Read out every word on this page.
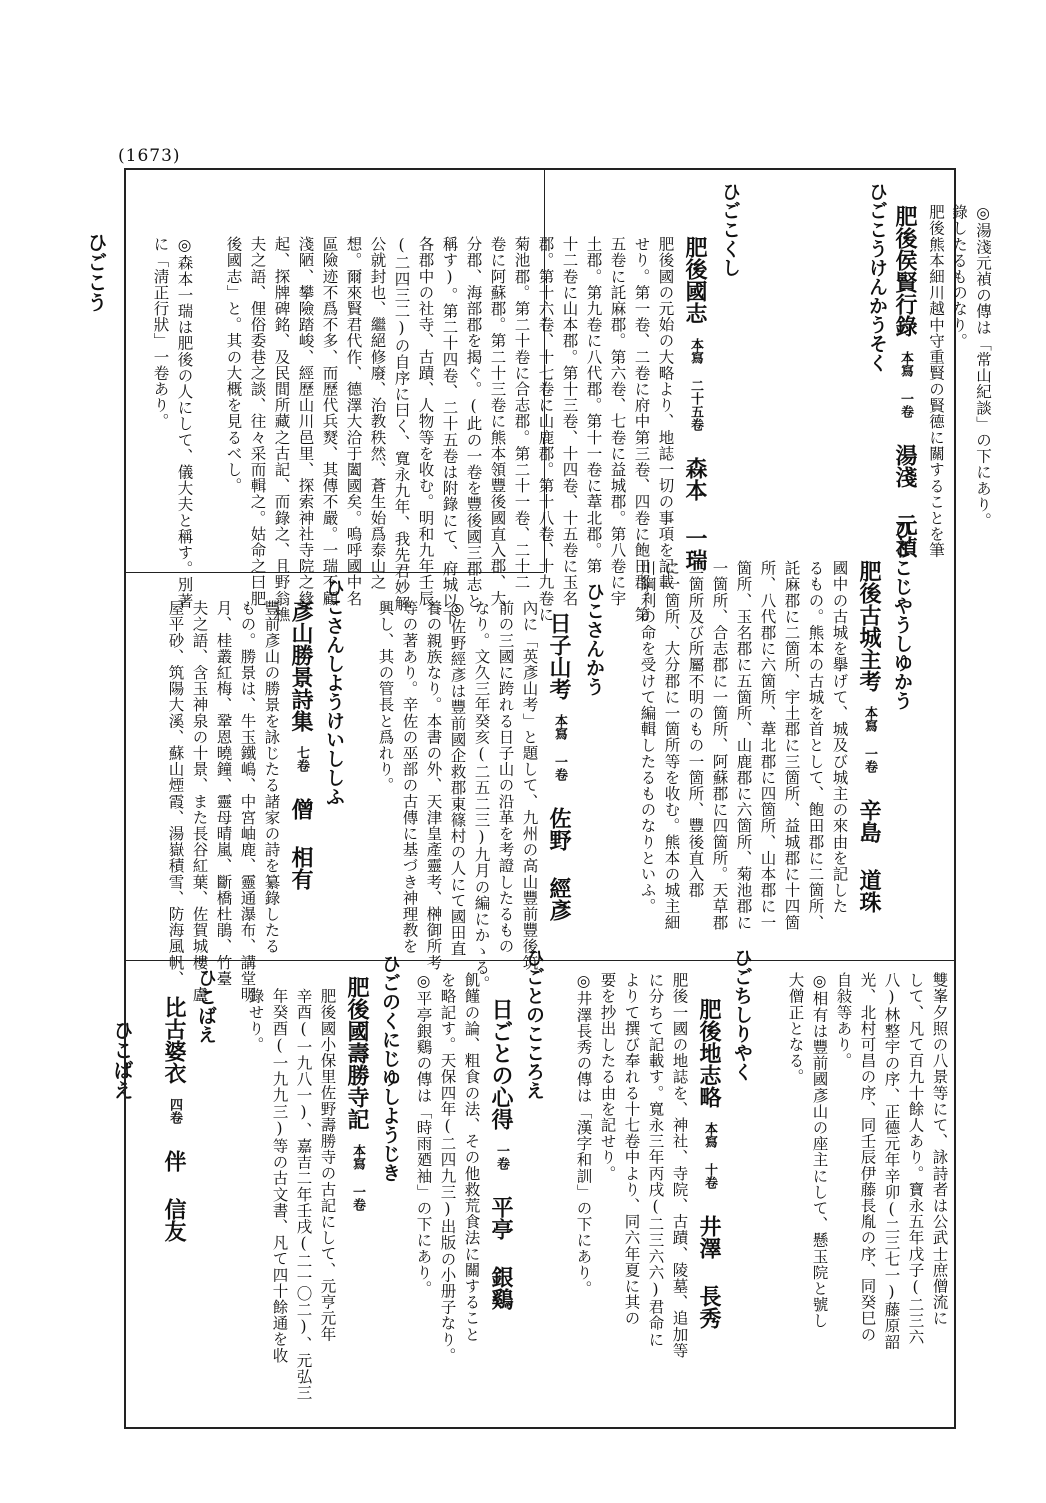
(1673)
ひごこう
ひこばえ
ひごこうけんかうそく 肥後侯賢行錄本寫 一卷湯淺 元禎 肥後熊本細川越中守重賢の賢德に關することを筆 錄したるものなり。 ◎湯淺元禎の傳は「常山紀談」の下にあり。
ひごこくし
肥後國志本寫 二十五卷森本 一瑞
肥後國の元始の大略より、地誌一切の事項を記載
せり。第一卷、二卷に府中第三卷、四卷に飽田郡。第
五卷に託麻郡。第六卷、七卷に益城郡。第八卷に宇
土郡。第九卷に八代郡。第十一卷に葦北郡。第
十二卷に山本郡。第十三卷、十四卷、十五卷に玉名
郡。第十六卷、十七卷に山鹿郡。第十八卷、十九卷に
菊池郡。第二十卷に合志郡。第二十一卷、二十二
卷に阿蘇郡。第二十三卷に熊本領豐後國直入郡、大
分郡、海部郡を揭ぐ。(此の一卷を豐後國三郡志と
稱す)。第二十四卷、二十五卷は附錄にて、府城以下
各郡中の社寺、古蹟、人物等を收む。明和九年壬辰
(二四三二)の自序に曰く、寬永九年、我先君妙解
公就封也、繼絕修廢、治教秩然、蒼生始爲泰山之
想。爾來賢君代作、德澤大洽于闔國矣。嗚呼國中名
區險迹不爲不多、而歷代兵燹、其傳不嚴。一瑞不顧
淺陋、攀險踏峻、經歷山川邑里、探索神社寺院之緣
起、探牌碑銘、及民間所藏之古記、而錄之、且野翁樵
夫之語、俚俗委巷之談、往々采而輯之。姑命之曰肥
後國志」と。其の大概を見るべし。
◎森本一瑞は肥後の人にして、儀大夫と稱す。別著
に「淸正行狀」一卷あり。
ひごこじやうしゆかう
肥後古城主考本寫 一卷辛島 道珠
國中の古城を擧げて、城及び城主の來由を記した
るもの。熊本の古城を首として、飽田郡に二箇所、
託麻郡に二箇所、宇土郡に三箇所、益城郡に十四箇
所、八代郡に六箇所、葦北郡に四箇所、山本郡に一
箇所、玉名郡に五箇所、山鹿郡に六箇所、菊池郡に
一箇所、合志郡に一箇所、阿蘇郡に四箇所。天草郡
二箇所及び所屬不明のもの一箇所、豐後直入郡
に一箇所、大分郡に一箇所等を收む。熊本の城主細
川綱利の命を受けて編輯したるものなりといふ。
ひこさんかう
日子山考本寫 一卷佐野 經彥
內に「英彥山考」と題して、九州の高山豐前豐後筑
前の三國に跨れる日子山の沿革を考證したるもの
なり。文久三年癸亥(二五二三)九月の編にかゝる。
◎佐野經彥は豐前國企救郡東篠村の人にて國田直
養の親族なり。本書の外、天津皇產靈考、榊御所考
等の著あり。辛佐の巫部の古傳に基づき神理教を
興し、其の管長と爲れり。
ひこさんしようけいししふ
彥山勝景詩集七卷僧 相有
豐前彥山の勝景を詠じたる諸家の詩を纂錄したる
もの。勝景は、牛玉鐵嶋、中宮岫鹿、靈通瀑布、講堂明
月、桂叢紅梅、鞏恩曉鐘、靈母晴嵐、斷橋杜鵑、竹臺
夫之語、含玉神泉の十景、また長谷紅葉、佐賀城樓、盧
屋平砂、筑陽大溪、蘇山煙霞、湯嶽積雪、防海風帆、
雙峯夕照の八景等にて、詠詩者は公武士庶僧流に
して、凡て百九十餘人あり。寶永五年戊子(二三六
八)林整宇の序、正德元年辛卯(二三七一)藤原韶
光、北村可昌の序、同壬辰伊藤長胤の序、同癸巳の
自敍等あり。
◎相有は豐前國彥山の座主にして、懸玉院と號し
大僧正となる。
ひごちしりやく
肥後地志略本寫 十卷井澤 長秀
肥後一國の地誌を、神社、寺院、古蹟、陵墓、追加等
に分ちて記載す。寬永三年丙戌(二三六六)君命に
よりて撰び奉れる十七卷中より、同六年夏に其の
要を抄出したる由を記せり。
◎井澤長秀の傳は「漢字和訓」の下にあり。
ひごとのこころえ
日ごとの心得一卷平亭 銀鷄
飢饉の論、粗食の法、その他救荒食法に關すること
を略記す。天保四年(二四九三)出版の小册子なり。
◎平亭銀鷄の傳は「時雨廼袖」の下にあり。
ひごのくにじゆしようじき
肥後國壽勝寺記本寫 一卷
肥後國小保里佐野壽勝寺の古記にして、元亨元年
辛酉(一九八一)、嘉吉二年壬戌(二一〇二)、元弘三
年癸酉(一九九三)等の古文書、凡て四十餘通を收
錄せり。
ひこばえ
比古婆衣四卷伴 信友
